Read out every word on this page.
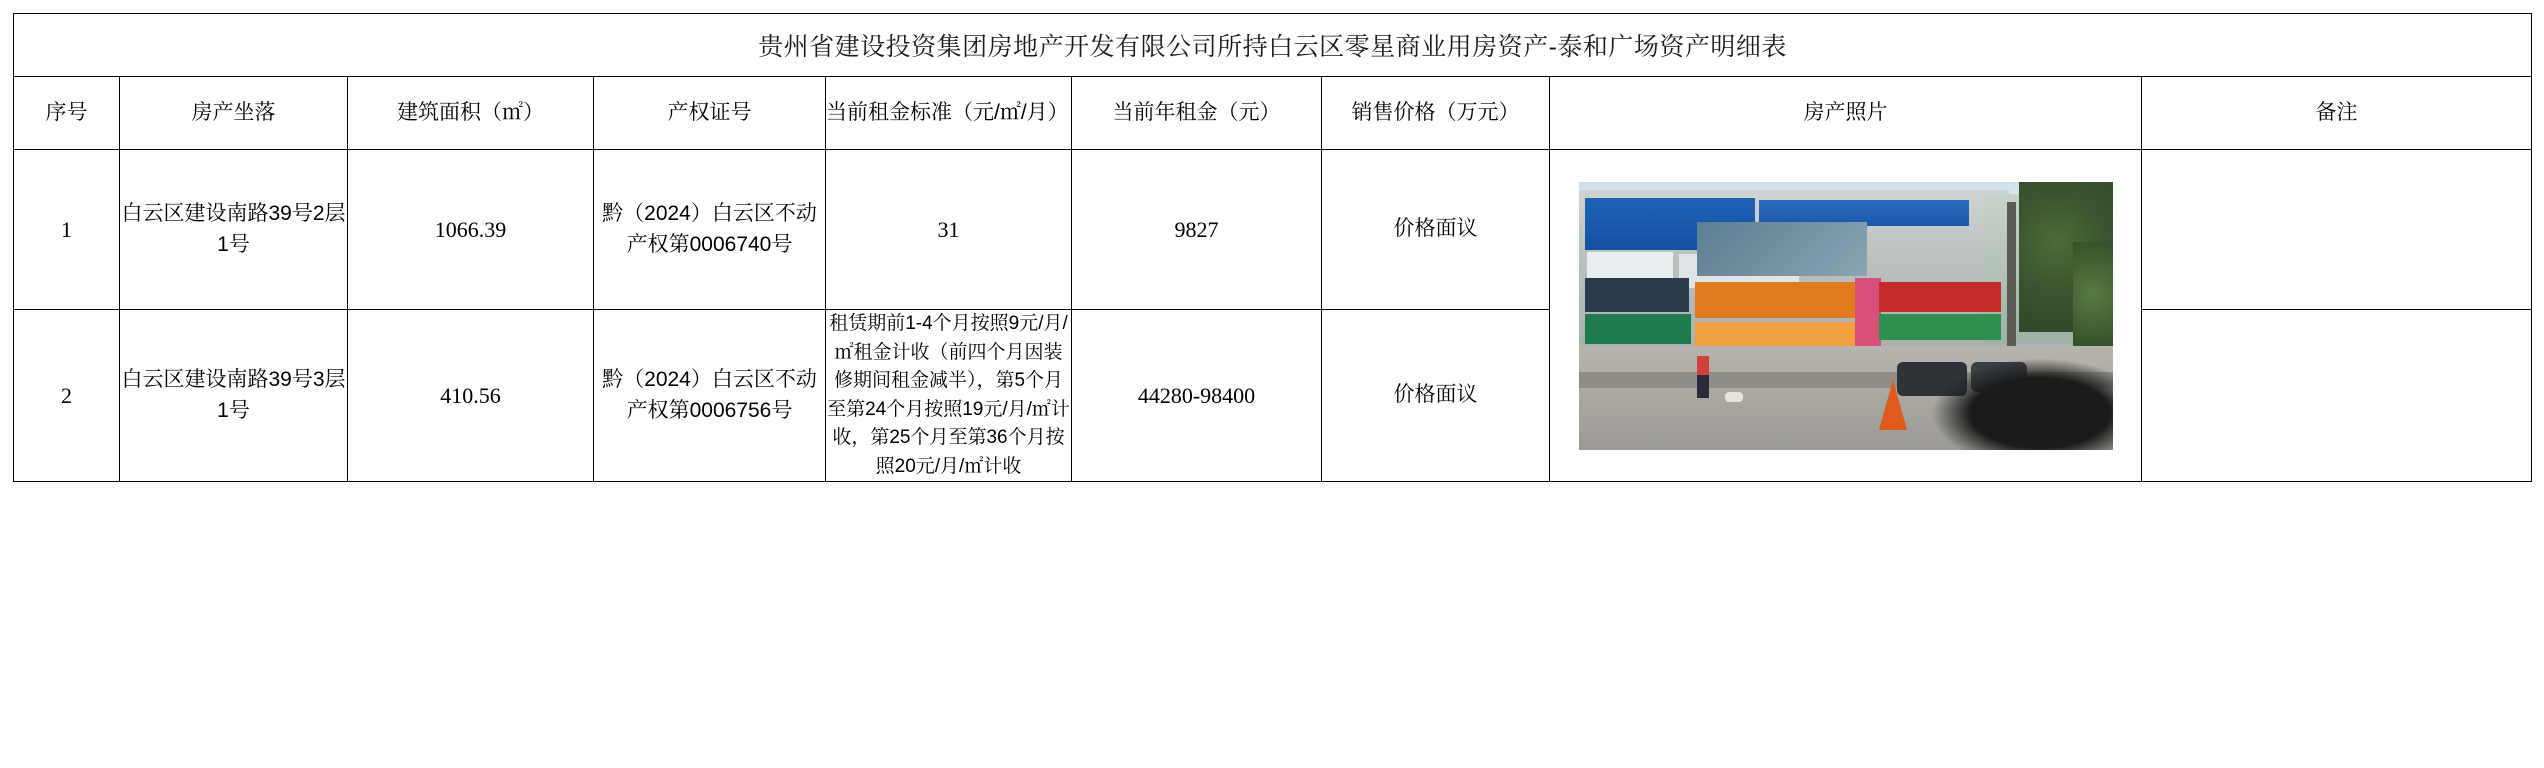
贵州省建设投资集团房地产开发有限公司所持白云区零星商业用房资产-泰和广场资产明细表								
序号	房产坐落	建筑面积（㎡）	产权证号	当前租金标准（元/㎡/月）	当前年租金（元）	销售价格（万元）	房产照片	备注
1	白云区建设南路39号2层1号	1066.39	黔（2024）白云区不动产权第0006740号	31	9827	价格面议	

2	白云区建设南路39号3层1号	410.56	黔（2024）白云区不动产权第0006756号	租赁期前1-4个月按照9元/月/㎡租金计收（前四个月因装修期间租金减半），第5个月至第24个月按照19元/月/㎡计收，第25个月至第36个月按照20元/月/㎡计收	44280-98400	价格面议		
